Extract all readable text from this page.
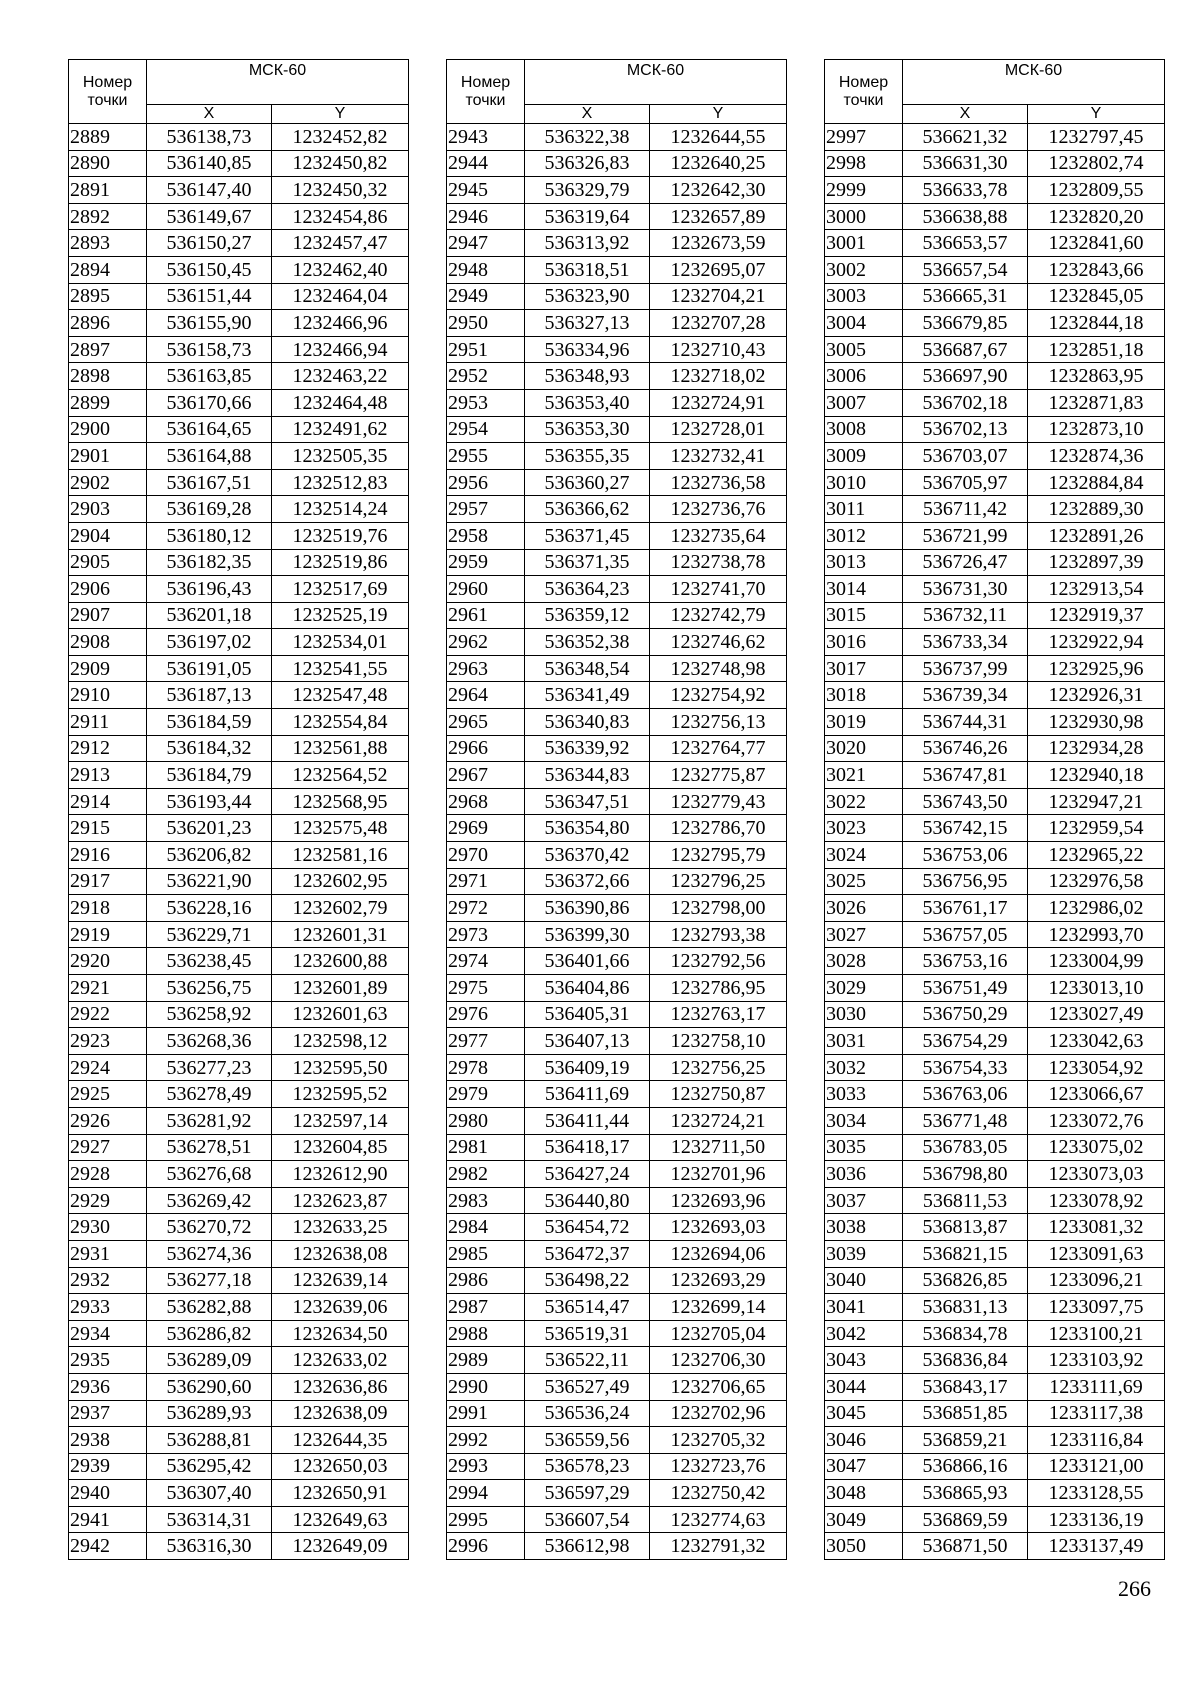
Номер
точки	МСК-60	
	X	Y
2889	536138,73	1232452,82
2890	536140,85	1232450,82
2891	536147,40	1232450,32
2892	536149,67	1232454,86
2893	536150,27	1232457,47
2894	536150,45	1232462,40
2895	536151,44	1232464,04
2896	536155,90	1232466,96
2897	536158,73	1232466,94
2898	536163,85	1232463,22
2899	536170,66	1232464,48
2900	536164,65	1232491,62
2901	536164,88	1232505,35
2902	536167,51	1232512,83
2903	536169,28	1232514,24
2904	536180,12	1232519,76
2905	536182,35	1232519,86
2906	536196,43	1232517,69
2907	536201,18	1232525,19
2908	536197,02	1232534,01
2909	536191,05	1232541,55
2910	536187,13	1232547,48
2911	536184,59	1232554,84
2912	536184,32	1232561,88
2913	536184,79	1232564,52
2914	536193,44	1232568,95
2915	536201,23	1232575,48
2916	536206,82	1232581,16
2917	536221,90	1232602,95
2918	536228,16	1232602,79
2919	536229,71	1232601,31
2920	536238,45	1232600,88
2921	536256,75	1232601,89
2922	536258,92	1232601,63
2923	536268,36	1232598,12
2924	536277,23	1232595,50
2925	536278,49	1232595,52
2926	536281,92	1232597,14
2927	536278,51	1232604,85
2928	536276,68	1232612,90
2929	536269,42	1232623,87
2930	536270,72	1232633,25
2931	536274,36	1232638,08
2932	536277,18	1232639,14
2933	536282,88	1232639,06
2934	536286,82	1232634,50
2935	536289,09	1232633,02
2936	536290,60	1232636,86
2937	536289,93	1232638,09
2938	536288,81	1232644,35
2939	536295,42	1232650,03
2940	536307,40	1232650,91
2941	536314,31	1232649,63
2942	536316,30	1232649,09
Номер
точки	МСК-60	
	X	Y
2943	536322,38	1232644,55
2944	536326,83	1232640,25
2945	536329,79	1232642,30
2946	536319,64	1232657,89
2947	536313,92	1232673,59
2948	536318,51	1232695,07
2949	536323,90	1232704,21
2950	536327,13	1232707,28
2951	536334,96	1232710,43
2952	536348,93	1232718,02
2953	536353,40	1232724,91
2954	536353,30	1232728,01
2955	536355,35	1232732,41
2956	536360,27	1232736,58
2957	536366,62	1232736,76
2958	536371,45	1232735,64
2959	536371,35	1232738,78
2960	536364,23	1232741,70
2961	536359,12	1232742,79
2962	536352,38	1232746,62
2963	536348,54	1232748,98
2964	536341,49	1232754,92
2965	536340,83	1232756,13
2966	536339,92	1232764,77
2967	536344,83	1232775,87
2968	536347,51	1232779,43
2969	536354,80	1232786,70
2970	536370,42	1232795,79
2971	536372,66	1232796,25
2972	536390,86	1232798,00
2973	536399,30	1232793,38
2974	536401,66	1232792,56
2975	536404,86	1232786,95
2976	536405,31	1232763,17
2977	536407,13	1232758,10
2978	536409,19	1232756,25
2979	536411,69	1232750,87
2980	536411,44	1232724,21
2981	536418,17	1232711,50
2982	536427,24	1232701,96
2983	536440,80	1232693,96
2984	536454,72	1232693,03
2985	536472,37	1232694,06
2986	536498,22	1232693,29
2987	536514,47	1232699,14
2988	536519,31	1232705,04
2989	536522,11	1232706,30
2990	536527,49	1232706,65
2991	536536,24	1232702,96
2992	536559,56	1232705,32
2993	536578,23	1232723,76
2994	536597,29	1232750,42
2995	536607,54	1232774,63
2996	536612,98	1232791,32
Номер
точки	МСК-60	
	X	Y
2997	536621,32	1232797,45
2998	536631,30	1232802,74
2999	536633,78	1232809,55
3000	536638,88	1232820,20
3001	536653,57	1232841,60
3002	536657,54	1232843,66
3003	536665,31	1232845,05
3004	536679,85	1232844,18
3005	536687,67	1232851,18
3006	536697,90	1232863,95
3007	536702,18	1232871,83
3008	536702,13	1232873,10
3009	536703,07	1232874,36
3010	536705,97	1232884,84
3011	536711,42	1232889,30
3012	536721,99	1232891,26
3013	536726,47	1232897,39
3014	536731,30	1232913,54
3015	536732,11	1232919,37
3016	536733,34	1232922,94
3017	536737,99	1232925,96
3018	536739,34	1232926,31
3019	536744,31	1232930,98
3020	536746,26	1232934,28
3021	536747,81	1232940,18
3022	536743,50	1232947,21
3023	536742,15	1232959,54
3024	536753,06	1232965,22
3025	536756,95	1232976,58
3026	536761,17	1232986,02
3027	536757,05	1232993,70
3028	536753,16	1233004,99
3029	536751,49	1233013,10
3030	536750,29	1233027,49
3031	536754,29	1233042,63
3032	536754,33	1233054,92
3033	536763,06	1233066,67
3034	536771,48	1233072,76
3035	536783,05	1233075,02
3036	536798,80	1233073,03
3037	536811,53	1233078,92
3038	536813,87	1233081,32
3039	536821,15	1233091,63
3040	536826,85	1233096,21
3041	536831,13	1233097,75
3042	536834,78	1233100,21
3043	536836,84	1233103,92
3044	536843,17	1233111,69
3045	536851,85	1233117,38
3046	536859,21	1233116,84
3047	536866,16	1233121,00
3048	536865,93	1233128,55
3049	536869,59	1233136,19
3050	536871,50	1233137,49
266
